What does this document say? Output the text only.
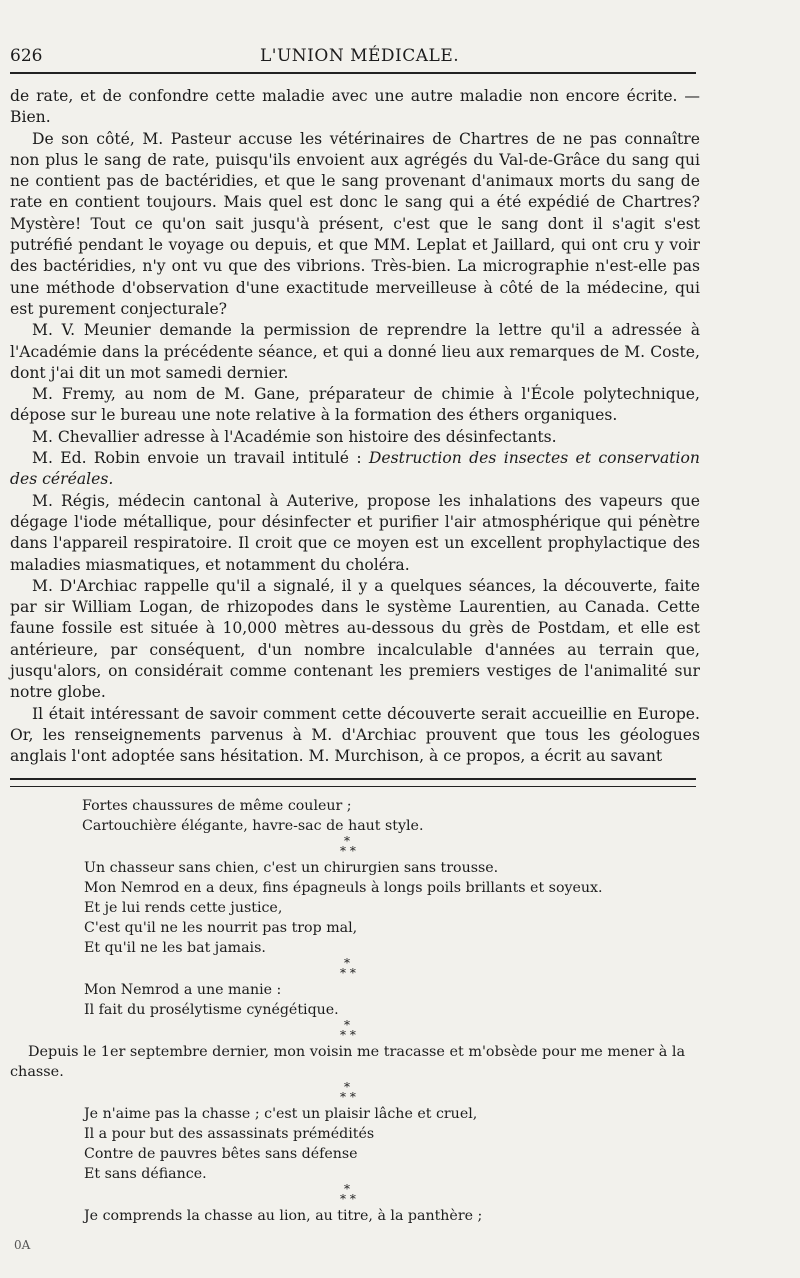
626	L'UNION MÉDICALE.

de rate, et de confondre cette maladie avec une autre maladie non encore écrite. — Bien.

De son côté, M. Pasteur accuse les vétérinaires de Chartres de ne pas connaître non plus le sang de rate, puisqu'ils envoient aux agrégés du Val-de-Grâce du sang qui ne contient pas de bactéridies, et que le sang provenant d'animaux morts du sang de rate en contient toujours. Mais quel est donc le sang qui a été expédié de Chartres? Mystère! Tout ce qu'on sait jusqu'à présent, c'est que le sang dont il s'agit s'est putréfié pendant le voyage ou depuis, et que MM. Leplat et Jaillard, qui ont cru y voir des bactéridies, n'y ont vu que des vibrions. Très-bien. La micrographie n'est-elle pas une méthode d'observation d'une exactitude merveilleuse à côté de la médecine, qui est purement conjecturale?

M. V. Meunier demande la permission de reprendre la lettre qu'il a adressée à l'Académie dans la précédente séance, et qui a donné lieu aux remarques de M. Coste, dont j'ai dit un mot samedi dernier.

M. Fremy, au nom de M. Gane, préparateur de chimie à l'École polytechnique, dépose sur le bureau une note relative à la formation des éthers organiques.

M. Chevallier adresse à l'Académie son histoire des désinfectants.

M. Ed. Robin envoie un travail intitulé : Destruction des insectes et conservation des céréales.

M. Régis, médecin cantonal à Auterive, propose les inhalations des vapeurs que dégage l'iode métallique, pour désinfecter et purifier l'air atmosphérique qui pénètre dans l'appareil respiratoire. Il croit que ce moyen est un excellent prophylactique des maladies miasmatiques, et notamment du choléra.

M. D'Archiac rappelle qu'il a signalé, il y a quelques séances, la découverte, faite par sir William Logan, de rhizopodes dans le système Laurentien, au Canada. Cette faune fossile est située à 10,000 mètres au-dessous du grès de Postdam, et elle est antérieure, par conséquent, d'un nombre incalculable d'années au terrain que, jusqu'alors, on considérait comme contenant les premiers vestiges de l'animalité sur notre globe.

Il était intéressant de savoir comment cette découverte serait accueillie en Europe. Or, les renseignements parvenus à M. d'Archiac prouvent que tous les géologues anglais l'ont adoptée sans hésitation. M. Murchison, à ce propos, a écrit au savant

Fortes chaussures de même couleur ;

Cartouchière élégante, havre-sac de haut style.

*
* *

Un chasseur sans chien, c'est un chirurgien sans trousse.

Mon Nemrod en a deux, fins épagneuls à longs poils brillants et soyeux.

Et je lui rends cette justice,

C'est qu'il ne les nourrit pas trop mal,

Et qu'il ne les bat jamais.

*
* *

Mon Nemrod a une manie :

Il fait du prosélytisme cynégétique.

*
* *

Depuis le 1er septembre dernier, mon voisin me tracasse et m'obsède pour me mener à la chasse.

*
* *

Je n'aime pas la chasse ; c'est un plaisir lâche et cruel,

Il a pour but des assassinats prémédités

Contre de pauvres bêtes sans défense

Et sans défiance.

*
* *

Je comprends la chasse au lion, au titre, à la panthère ;

0A
